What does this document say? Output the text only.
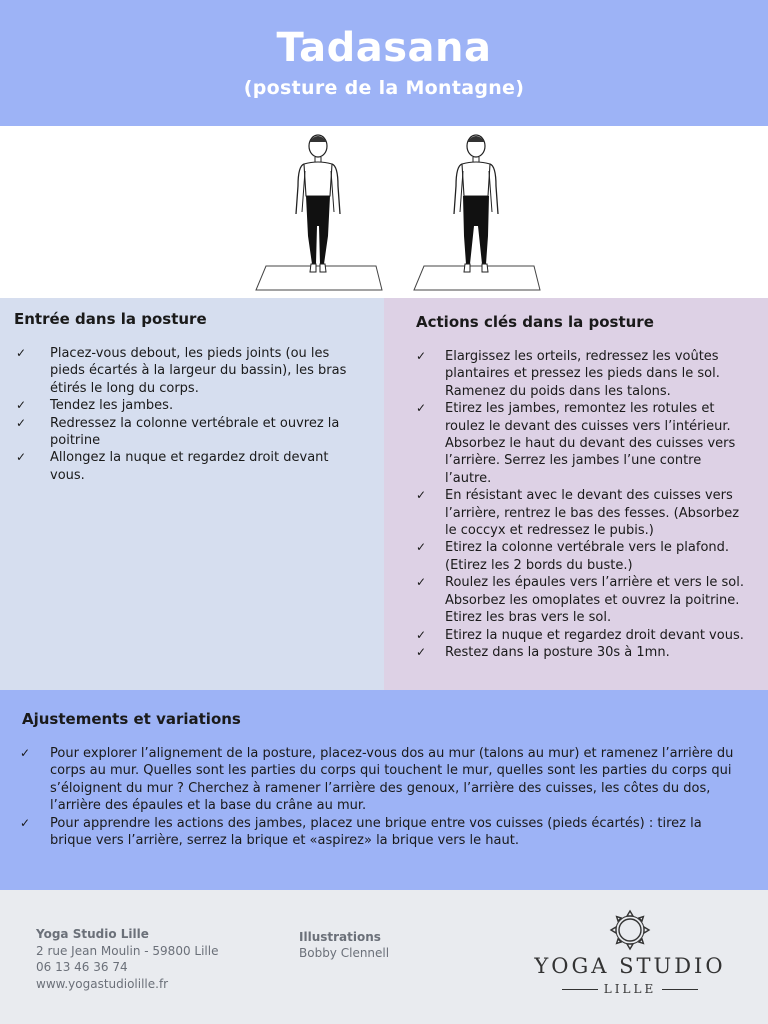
Tadasana
(posture de la Montagne)
Entrée dans la posture
✓ Placez-vous debout, les pieds joints (ou les pieds écartés à la largeur du bassin), les bras étirés le long du corps.
✓ Tendez les jambes.
✓ Redressez la colonne vertébrale et ouvrez la poitrine
✓ Allongez la nuque et regardez droit devant vous.
Actions clés dans la posture
✓ Elargissez les orteils, redressez les voûtes plantaires et pressez les pieds dans le sol. Ramenez du poids dans les talons.
✓ Etirez les jambes, remontez les rotules et roulez le devant des cuisses vers l’intérieur. Absorbez le haut du devant des cuisses vers l’arrière. Serrez les jambes l’une contre l’autre.
✓ En résistant avec le devant des cuisses vers l’arrière, rentrez le bas des fesses. (Absorbez le coccyx et redressez le pubis.)
✓ Etirez la colonne vertébrale vers le plafond. (Etirez les 2 bords du buste.)
✓ Roulez les épaules vers l’arrière et vers le sol. Absorbez les omoplates et ouvrez la poitrine. Etirez les bras vers le sol.
✓ Etirez la nuque et regardez droit devant vous.
✓ Restez dans la posture 30s à 1mn.
Ajustements et variations
✓ Pour explorer l’alignement de la posture, placez-vous dos au mur (talons au mur) et ramenez l’arrière du corps au mur. Quelles sont les parties du corps qui touchent le mur, quelles sont les parties du corps qui s’éloignent du mur ? Cherchez à ramener l’arrière des genoux, l’arrière des cuisses, les côtes du dos, l’arrière des épaules et la base du crâne au mur.
✓ Pour apprendre les actions des jambes, placez une brique entre vos cuisses (pieds écartés) : tirez la brique vers l’arrière, serrez la brique et «aspirez» la brique vers le haut.
Yoga Studio Lille
2 rue Jean Moulin - 59800 Lille
06 13 46 36 74
www.yogastudiolille.fr
Illustrations
Bobby Clennell
YOGA STUDIO
LILLE
